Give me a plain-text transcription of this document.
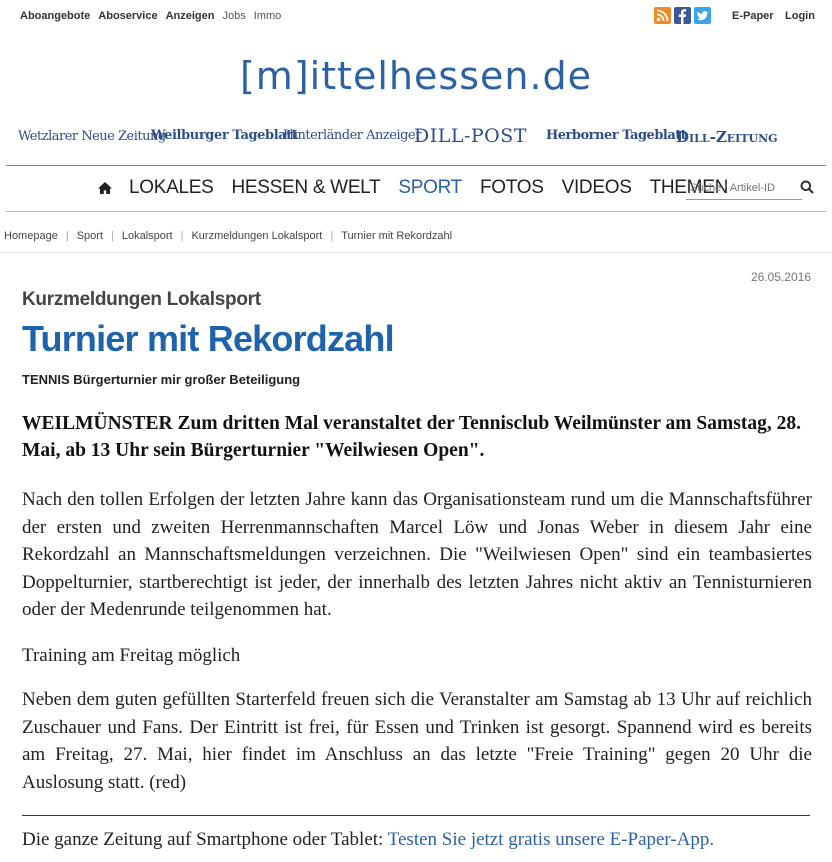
Aboangebote Aboservice Anzeigen Jobs Immo	E-Paper Login
[m]ittelhessen.de
Wetzlarer Neue Zeitung
Weilburger Tageblatt
Hinterländer Anzeiger
DILL-POST Herborner Tageblatt
Dill-Zeitung
LOKALES HESSEN & WELT SPORT FOTOS VIDEOS THEMEN
Suche / Artikel-ID
Homepage | Sport | Lokalsport | Kurzmeldungen Lokalsport | Turnier mit Rekordzahl
26.05.2016
Kurzmeldungen Lokalsport
Turnier mit Rekordzahl
TENNIS Bürgerturnier mir großer Beteiligung

WEILMÜNSTER Zum dritten Mal veranstaltet der Tennisclub Weilmünster am Samstag, 28. Mai, ab 13 Uhr sein Bürgerturnier "Weilwiesen Open".

Nach den tollen Erfolgen der letzten Jahre kann das Organisationsteam rund um die Mannschaftsführer der ersten und zweiten Herrenmannschaften Marcel Löw und Jonas Weber in diesem Jahr eine Rekordzahl an Mannschaftsmeldungen verzeichnen. Die "Weilwiesen Open" sind ein teambasiertes Doppelturnier, startberechtigt ist jeder, der innerhalb des letzten Jahres nicht aktiv an Tennisturnieren oder der Medenrunde teilgenommen hat.

Training am Freitag möglich

Neben dem guten gefüllten Starterfeld freuen sich die Veranstalter am Samstag ab 13 Uhr auf reichlich Zuschauer und Fans. Der Eintritt ist frei, für Essen und Trinken ist gesorgt. Spannend wird es bereits am Freitag, 27. Mai, hier findet im Anschluss an das letzte "Freie Training" gegen 20 Uhr die Auslosung statt. (red)

Die ganze Zeitung auf Smartphone oder Tablet: Testen Sie jetzt gratis unsere E-Paper-App.
